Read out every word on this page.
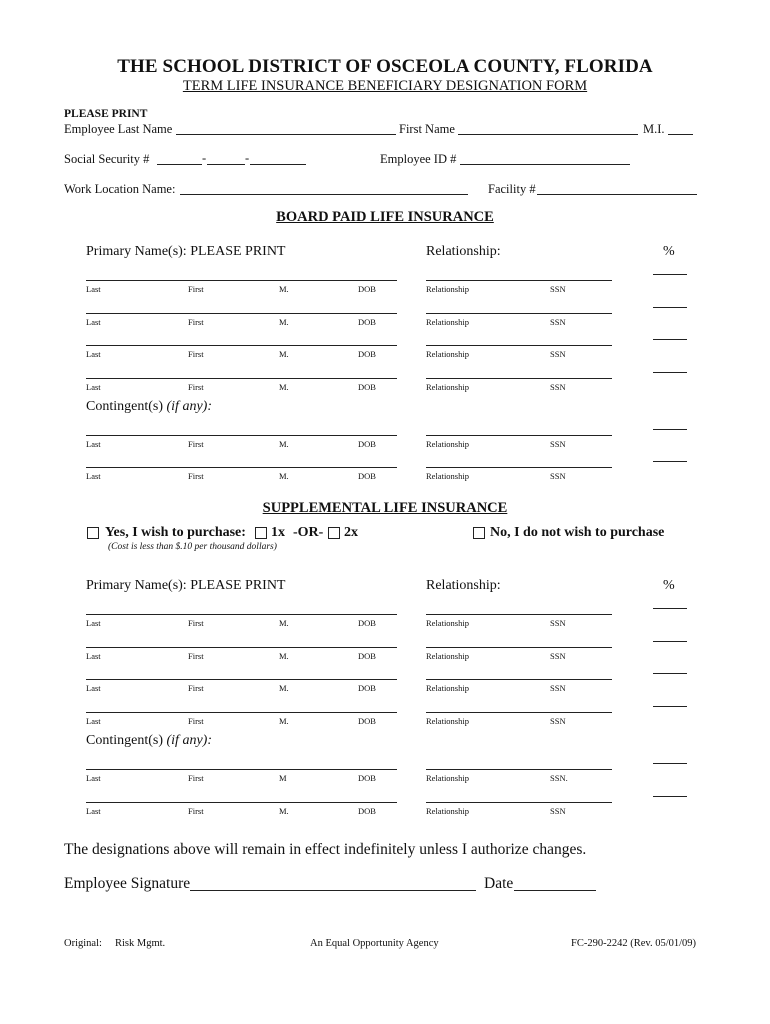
THE SCHOOL DISTRICT OF OSCEOLA COUNTY, FLORIDA
TERM LIFE INSURANCE BENEFICIARY DESIGNATION FORM
PLEASE PRINT
Employee Last Name	First Name	M.I.
Social Security #	-	-	Employee ID #
Work Location Name:	Facility #
BOARD PAID LIFE INSURANCE
Primary Name(s): PLEASE PRINT	Relationship:	%
Last	First	M.	DOB	Relationship	SSN
Last	First	M.	DOB	Relationship	SSN
Last	First	M.	DOB	Relationship	SSN
Last	First	M.	DOB	Relationship	SSN
Contingent(s) (if any):
Last	First	M.	DOB	Relationship	SSN
Last	First	M.	DOB	Relationship	SSN
SUPPLEMENTAL LIFE INSURANCE
Yes, I wish to purchase: 1x -OR- 2x	No, I do not wish to purchase
(Cost is less than $.10 per thousand dollars)
Primary Name(s): PLEASE PRINT	Relationship:	%
Last	First	M.	DOB	Relationship	SSN
Last	First	M.	DOB	Relationship	SSN
Last	First	M.	DOB	Relationship	SSN
Last	First	M.	DOB	Relationship	SSN
Contingent(s) (if any):
Last	First	M	DOB	Relationship	SSN.
Last	First	M.	DOB	Relationship	SSN
The designations above will remain in effect indefinitely unless I authorize changes.
Employee Signature	Date
Original: Risk Mgmt.	An Equal Opportunity Agency	FC-290-2242 (Rev. 05/01/09)
